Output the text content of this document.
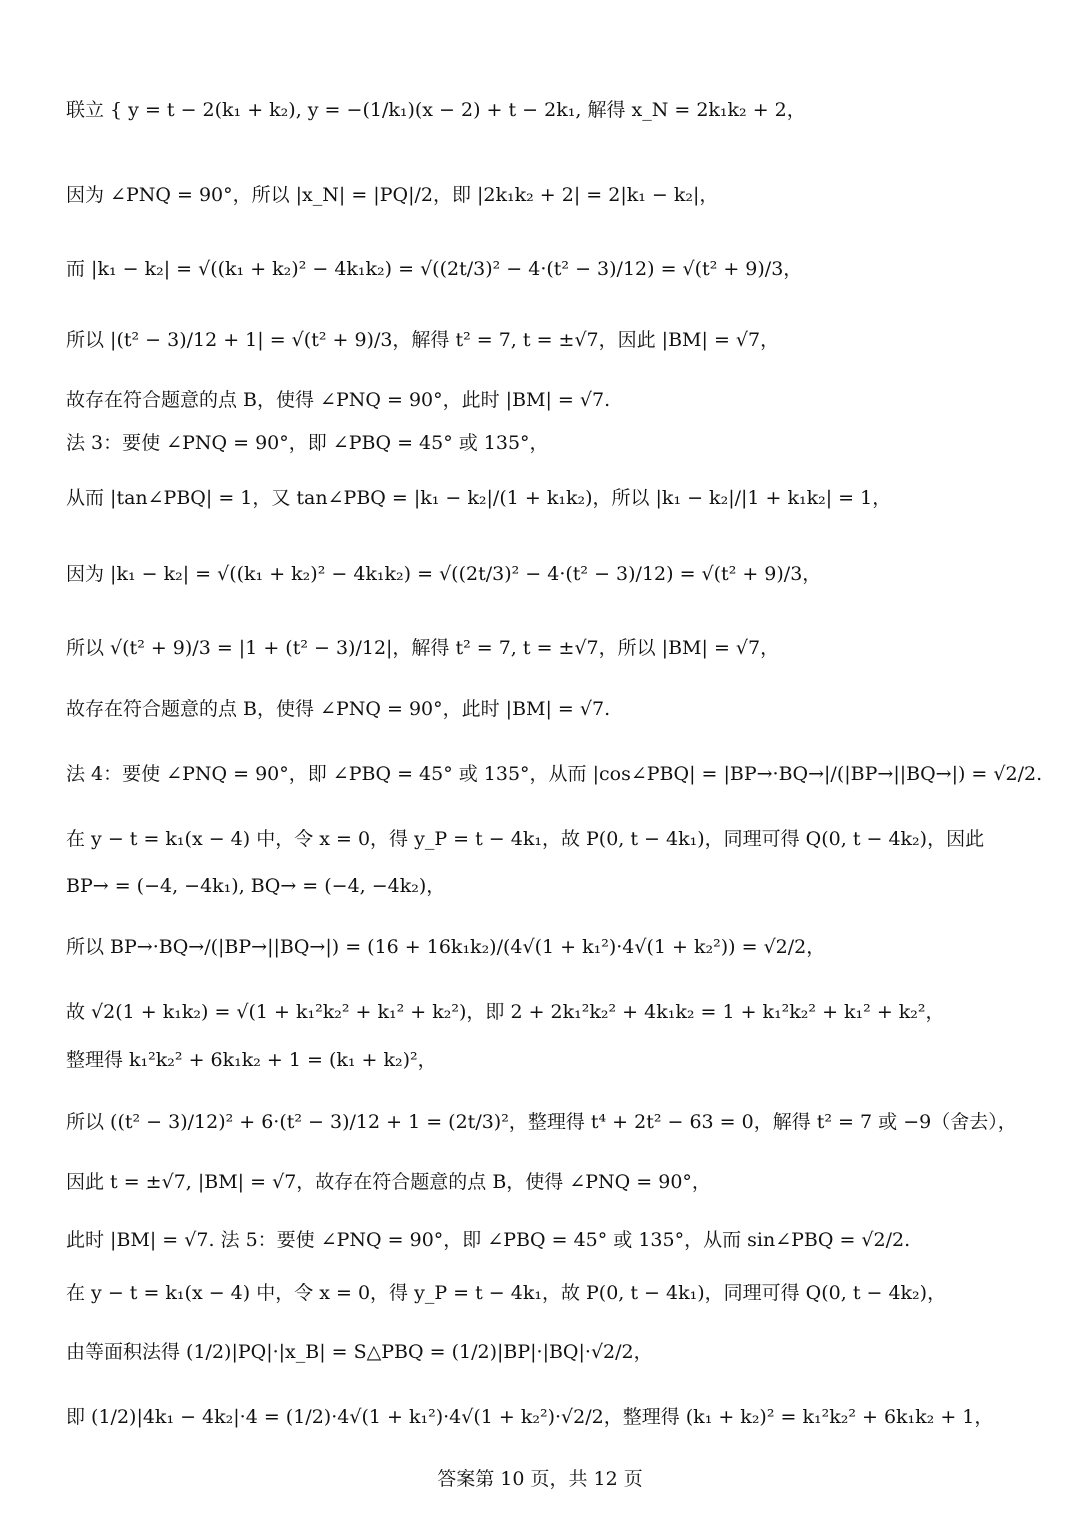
联立 { y = t − 2(k₁ + k₂), y = −(1/k₁)(x − 2) + t − 2k₁, 解得 x_N = 2k₁k₂ + 2，
因为 ∠PNQ = 90°，所以 |x_N| = |PQ|/2，即 |2k₁k₂ + 2| = 2|k₁ − k₂|，
而 |k₁ − k₂| = √((k₁ + k₂)² − 4k₁k₂) = √((2t/3)² − 4·(t² − 3)/12) = √(t² + 9)/3，
所以 |(t² − 3)/12 + 1| = √(t² + 9)/3，解得 t² = 7, t = ±√7，因此 |BM| = √7，
故存在符合题意的点 B，使得 ∠PNQ = 90°，此时 |BM| = √7.
法 3：要使 ∠PNQ = 90°，即 ∠PBQ = 45° 或 135°，
从而 |tan∠PBQ| = 1，又 tan∠PBQ = |k₁ − k₂|/(1 + k₁k₂)，所以 |k₁ − k₂|/|1 + k₁k₂| = 1，
因为 |k₁ − k₂| = √((k₁ + k₂)² − 4k₁k₂) = √((2t/3)² − 4·(t² − 3)/12) = √(t² + 9)/3，
所以 √(t² + 9)/3 = |1 + (t² − 3)/12|，解得 t² = 7, t = ±√7，所以 |BM| = √7，
故存在符合题意的点 B，使得 ∠PNQ = 90°，此时 |BM| = √7.
法 4：要使 ∠PNQ = 90°，即 ∠PBQ = 45° 或 135°，从而 |cos∠PBQ| = |BP→·BQ→|/(|BP→||BQ→|) = √2/2.
在 y − t = k₁(x − 4) 中，令 x = 0，得 y_P = t − 4k₁，故 P(0, t − 4k₁)，同理可得 Q(0, t − 4k₂)，因此
BP→ = (−4, −4k₁), BQ→ = (−4, −4k₂)，
所以 BP→·BQ→/(|BP→||BQ→|) = (16 + 16k₁k₂)/(4√(1 + k₁²)·4√(1 + k₂²)) = √2/2，
故 √2(1 + k₁k₂) = √(1 + k₁²k₂² + k₁² + k₂²)，即 2 + 2k₁²k₂² + 4k₁k₂ = 1 + k₁²k₂² + k₁² + k₂²，
整理得 k₁²k₂² + 6k₁k₂ + 1 = (k₁ + k₂)²，
所以 ((t² − 3)/12)² + 6·(t² − 3)/12 + 1 = (2t/3)²，整理得 t⁴ + 2t² − 63 = 0，解得 t² = 7 或 −9（舍去），
因此 t = ±√7, |BM| = √7，故存在符合题意的点 B，使得 ∠PNQ = 90°，
此时 |BM| = √7. 法 5：要使 ∠PNQ = 90°，即 ∠PBQ = 45° 或 135°，从而 sin∠PBQ = √2/2.
在 y − t = k₁(x − 4) 中，令 x = 0，得 y_P = t − 4k₁，故 P(0, t − 4k₁)，同理可得 Q(0, t − 4k₂)，
由等面积法得 (1/2)|PQ|·|x_B| = S△PBQ = (1/2)|BP|·|BQ|·√2/2，
即 (1/2)|4k₁ − 4k₂|·4 = (1/2)·4√(1 + k₁²)·4√(1 + k₂²)·√2/2，整理得 (k₁ + k₂)² = k₁²k₂² + 6k₁k₂ + 1，
答案第 10 页，共 12 页
